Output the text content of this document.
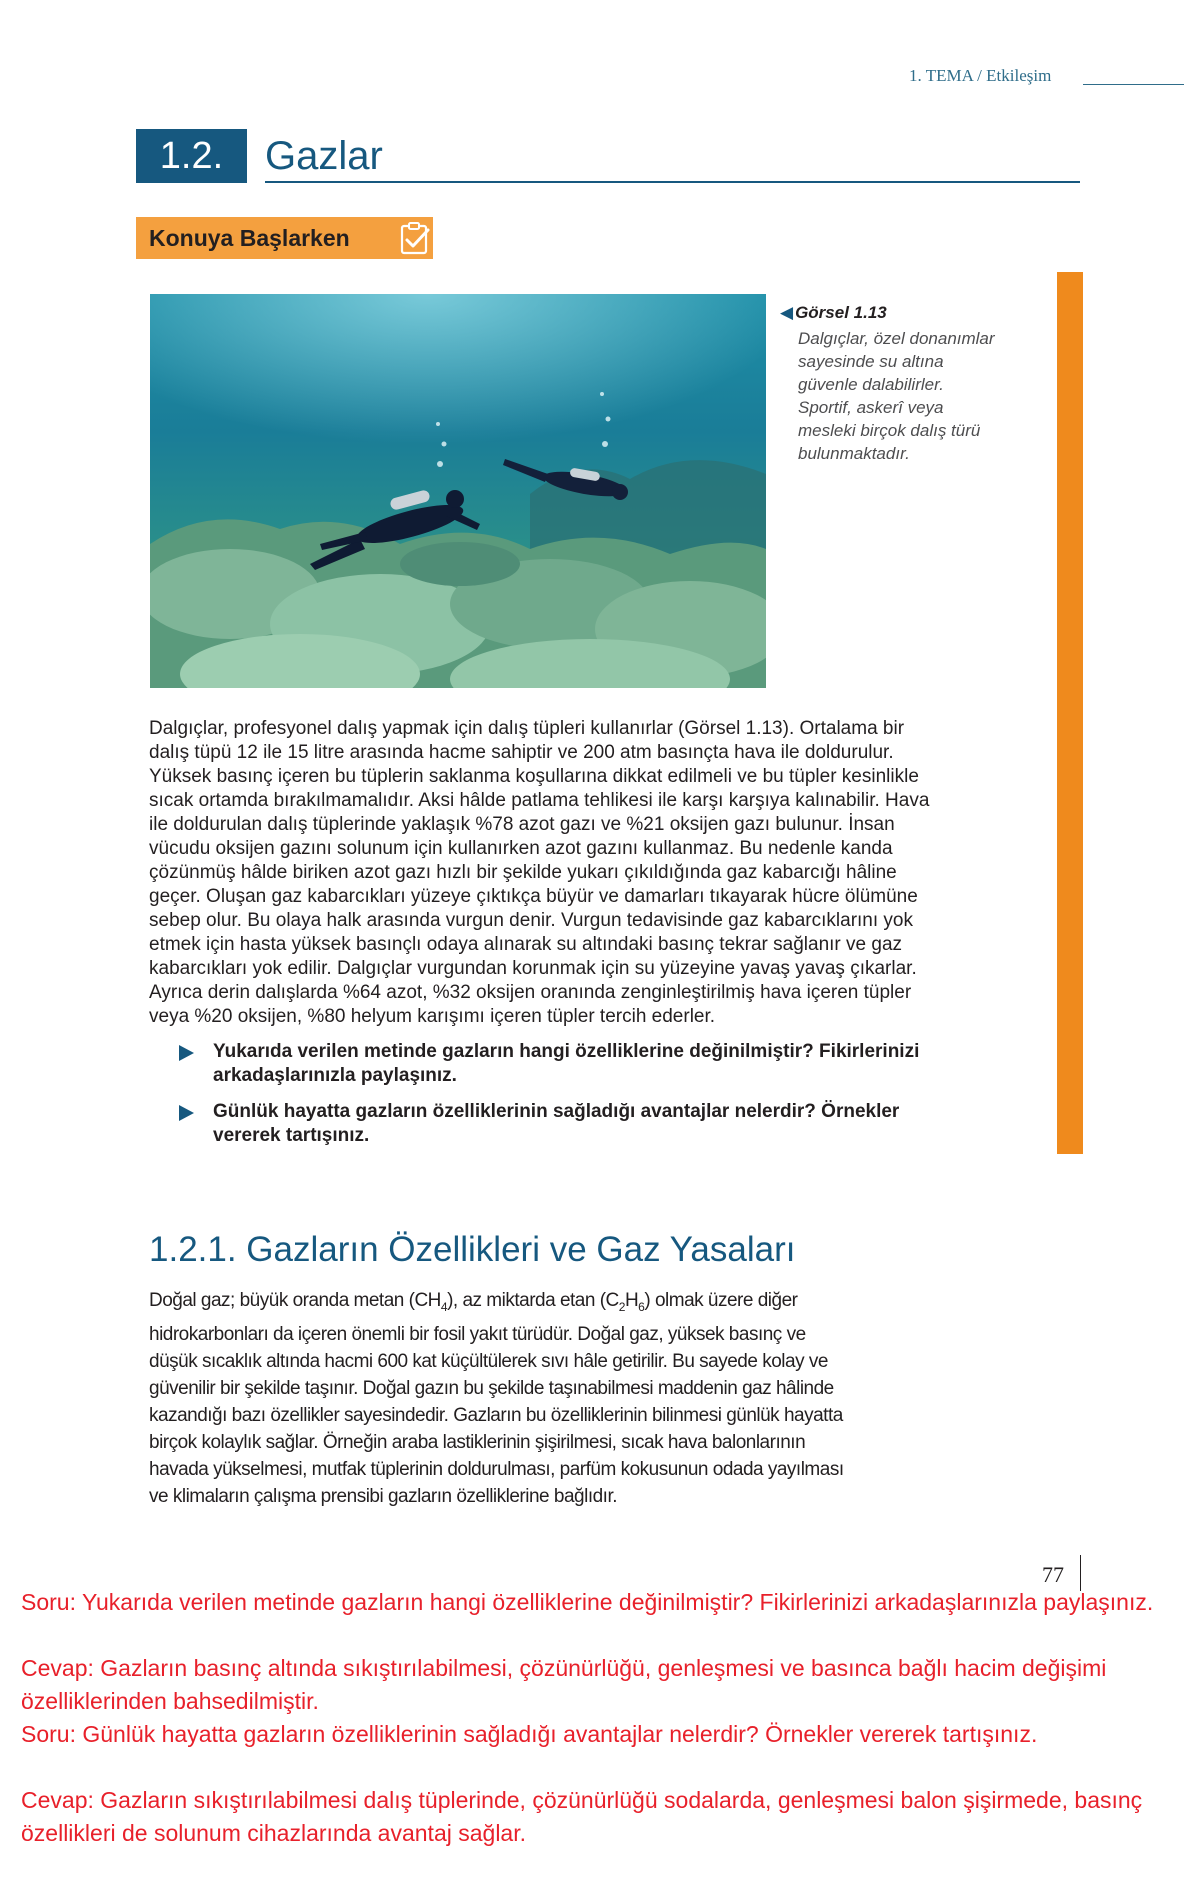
1. TEMA / Etkileşim
1.2.	Gazlar
Konuya Başlarken
◀ Görsel 1.13
Dalgıçlar, özel donanımlar
sayesinde su altına
güvenle dalabilirler.
Sportif, askerî veya
mesleki birçok dalış türü
bulunmaktadır.

Dalgıçlar, profesyonel dalış yapmak için dalış tüpleri kullanırlar (Görsel 1.13). Ortalama bir
dalış tüpü 12 ile 15 litre arasında hacme sahiptir ve 200 atm basınçta hava ile doldurulur.
Yüksek basınç içeren bu tüplerin saklanma koşullarına dikkat edilmeli ve bu tüpler kesinlikle
sıcak ortamda bırakılmamalıdır. Aksi hâlde patlama tehlikesi ile karşı karşıya kalınabilir. Hava
ile doldurulan dalış tüplerinde yaklaşık %78 azot gazı ve %21 oksijen gazı bulunur. İnsan
vücudu oksijen gazını solunum için kullanırken azot gazını kullanmaz. Bu nedenle kanda
çözünmüş hâlde biriken azot gazı hızlı bir şekilde yukarı çıkıldığında gaz kabarcığı hâline
geçer. Oluşan gaz kabarcıkları yüzeye çıktıkça büyür ve damarları tıkayarak hücre ölümüne
sebep olur. Bu olaya halk arasında vurgun denir. Vurgun tedavisinde gaz kabarcıklarını yok
etmek için hasta yüksek basınçlı odaya alınarak su altındaki basınç tekrar sağlanır ve gaz
kabarcıkları yok edilir. Dalgıçlar vurgundan korunmak için su yüzeyine yavaş yavaş çıkarlar.
Ayrıca derin dalışlarda %64 azot, %32 oksijen oranında zenginleştirilmiş hava içeren tüpler
veya %20 oksijen, %80 helyum karışımı içeren tüpler tercih ederler.

Yukarıda verilen metinde gazların hangi özelliklerine değinilmiştir? Fikirlerinizi
arkadaşlarınızla paylaşınız.
Günlük hayatta gazların özelliklerinin sağladığı avantajlar nelerdir? Örnekler
vererek tartışınız.
1.2.1. Gazların Özellikleri ve Gaz Yasaları

Doğal gaz; büyük oranda metan $(CH_4)$, az miktarda etan $(C_2H_6)$ olmak üzere diğer hidrokarbonları da içeren önemli bir fosil yakıt türüdür. Doğal gaz, yüksek basınç ve düşük sıcaklık altında hacmi 600 kat küçültülerek sıvı hâle getirilir. Bu sayede kolay ve güvenilir bir şekilde taşınır. Doğal gazın bu şekilde taşınabilmesi maddenin gaz hâlinde kazandığı bazı özellikler sayesindedir. Gazların bu özelliklerinin bilinmesi günlük hayatta birçok kolaylık sağlar. Örneğin araba lastiklerinin şişirilmesi, sıcak hava balonlarının havada yükselmesi, mutfak tüplerinin doldurulması, parfüm kokusunun odada yayılması ve klimaların çalışma prensibi gazların özelliklerine bağlıdır.

77

Soru: Yukarıda verilen metinde gazların hangi özelliklerine değinilmiştir? Fikirlerinizi arkadaşlarınızla paylaşınız.

Cevap: Gazların basınç altında sıkıştırılabilmesi, çözünürlüğü, genleşmesi ve basınca bağlı hacim değişimi özelliklerinden bahsedilmiştir.

Soru: Günlük hayatta gazların özelliklerinin sağladığı avantajlar nelerdir? Örnekler vererek tartışınız.

Cevap: Gazların sıkıştırılabilmesi dalış tüplerinde, çözünürlüğü sodalarda, genleşmesi balon şişirmede, basınç özellikleri de solunum cihazlarında avantaj sağlar.
